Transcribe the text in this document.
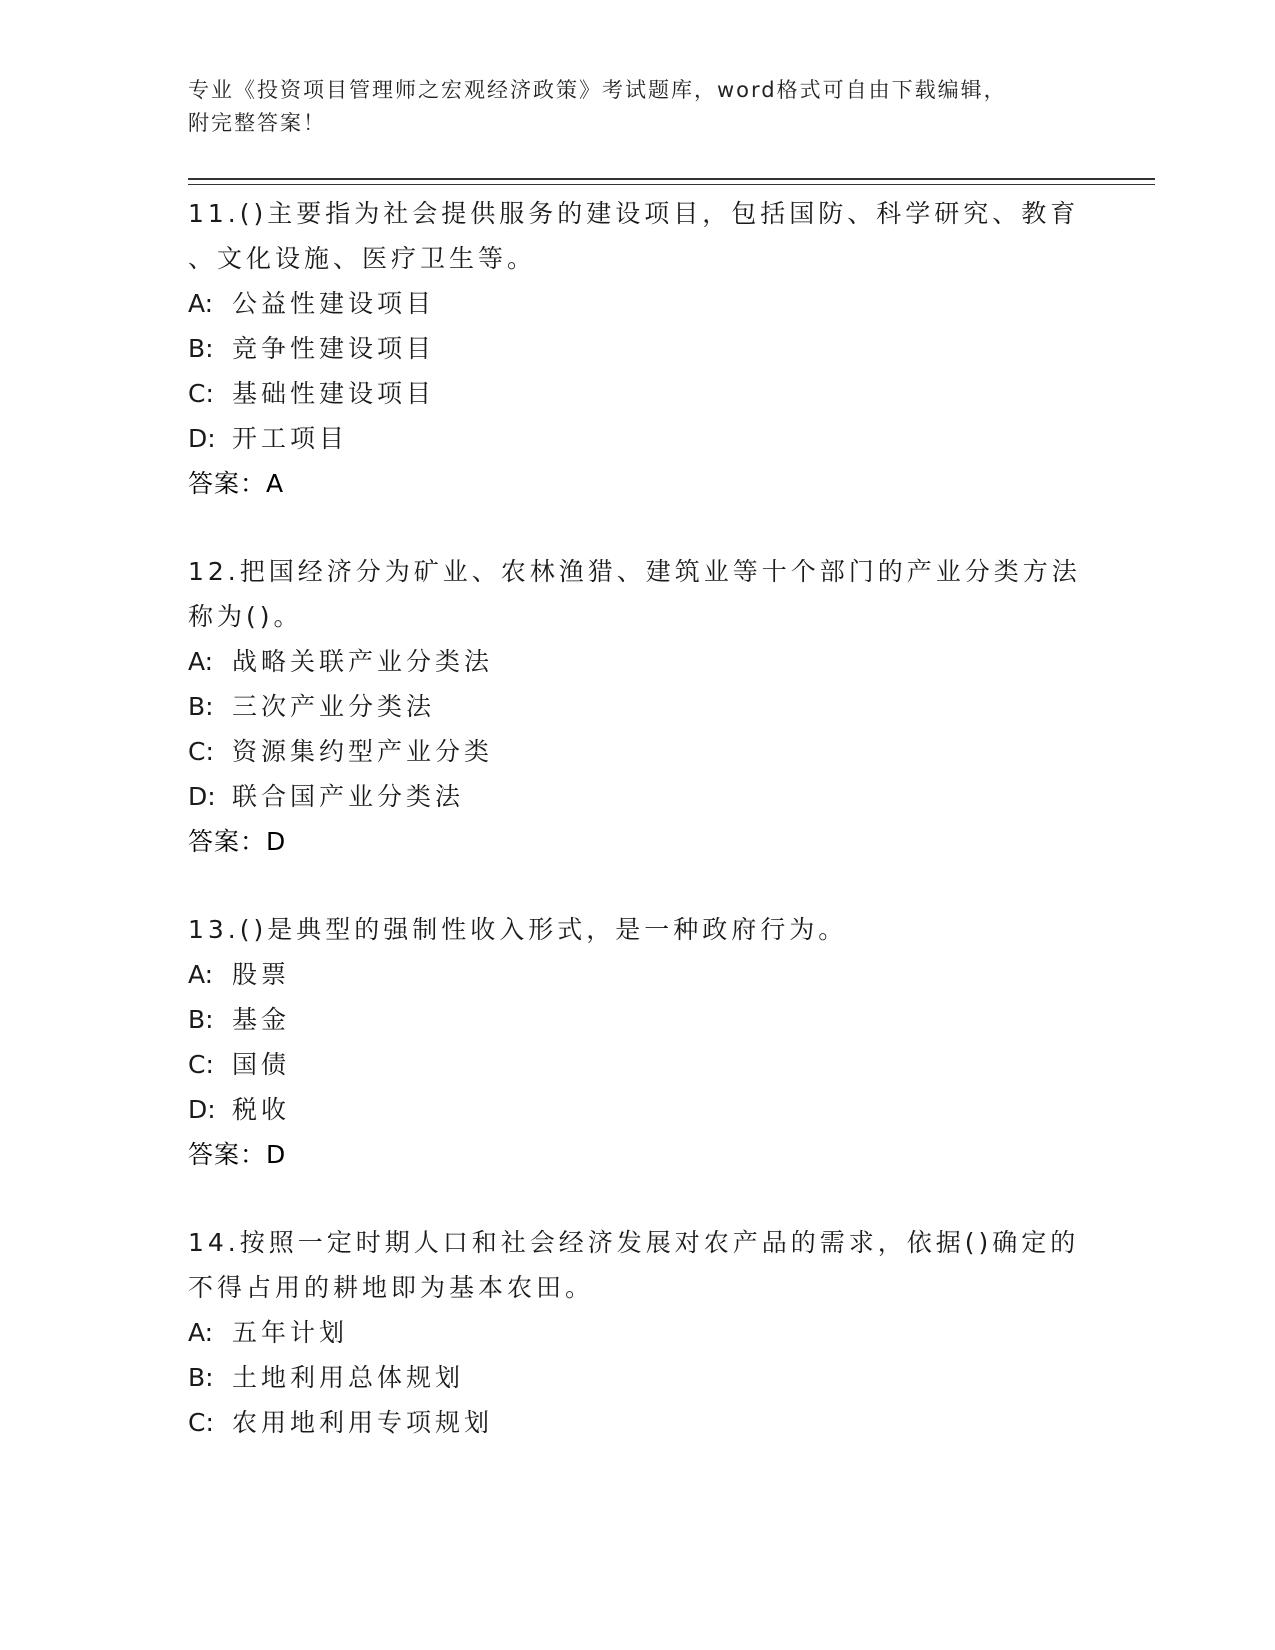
专业《投资项目管理师之宏观经济政策》考试题库，word格式可自由下载编辑，
附完整答案！

11.()主要指为社会提供服务的建设项目，包括国防、科学研究、教育

、文化设施、医疗卫生等。

A: 公益性建设项目

B: 竞争性建设项目

C: 基础性建设项目

D: 开工项目

答案：A

12.把国经济分为矿业、农林渔猎、建筑业等十个部门的产业分类方法

称为()。

A: 战略关联产业分类法

B: 三次产业分类法

C: 资源集约型产业分类

D: 联合国产业分类法

答案：D

13.()是典型的强制性收入形式，是一种政府行为。

A: 股票

B: 基金

C: 国债

D: 税收

答案：D

14.按照一定时期人口和社会经济发展对农产品的需求，依据()确定的

不得占用的耕地即为基本农田。

A: 五年计划

B: 土地利用总体规划

C: 农用地利用专项规划
